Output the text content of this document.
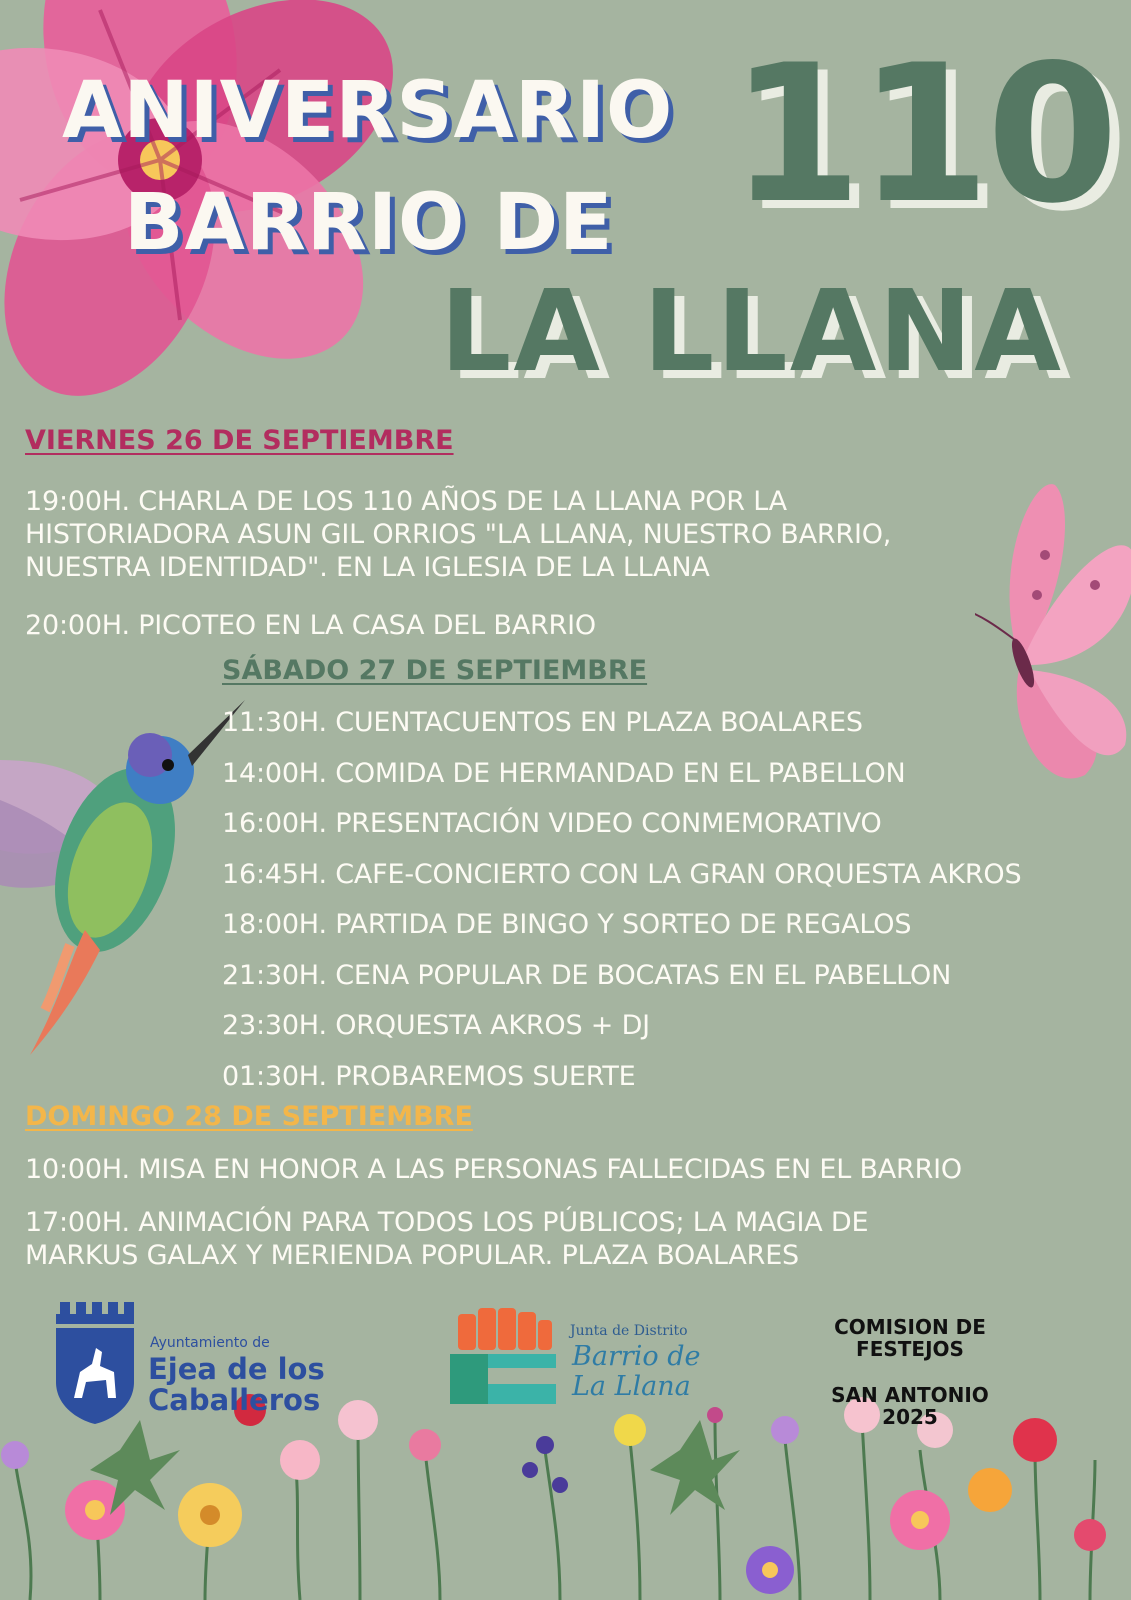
ANIVERSARIO
BARRIO DE 110
LA LLANA
VIERNES 26 DE SEPTIEMBRE
19:00H. CHARLA DE LOS 110 AÑOS DE LA LLANA POR LA
HISTORIADORA ASUN GIL ORRIOS "LA LLANA, NUESTRO BARRIO,
NUESTRA IDENTIDAD". EN LA IGLESIA DE LA LLANA
20:00H. PICOTEO EN LA CASA DEL BARRIO
SÁBADO 27 DE SEPTIEMBRE
11:30H. CUENTACUENTOS EN PLAZA BOALARES
14:00H. COMIDA DE HERMANDAD EN EL PABELLON
16:00H. PRESENTACIÓN VIDEO CONMEMORATIVO
16:45H. CAFE-CONCIERTO CON LA GRAN ORQUESTA AKROS
18:00H. PARTIDA DE BINGO Y SORTEO DE REGALOS
21:30H. CENA POPULAR DE BOCATAS EN EL PABELLON
23:30H. ORQUESTA AKROS + DJ
01:30H. PROBAREMOS SUERTE
DOMINGO 28 DE SEPTIEMBRE
10:00H. MISA EN HONOR A LAS PERSONAS FALLECIDAS EN EL BARRIO
17:00H. ANIMACIÓN PARA TODOS LOS PÚBLICOS; LA MAGIA DE
MARKUS GALAX Y MERIENDA POPULAR. PLAZA BOALARES
Ayuntamiento de
Ejea de los Caballeros
Junta de Distrito
Barrio de
La Llana
COMISION DE
FESTEJOS
SAN ANTONIO
2025
